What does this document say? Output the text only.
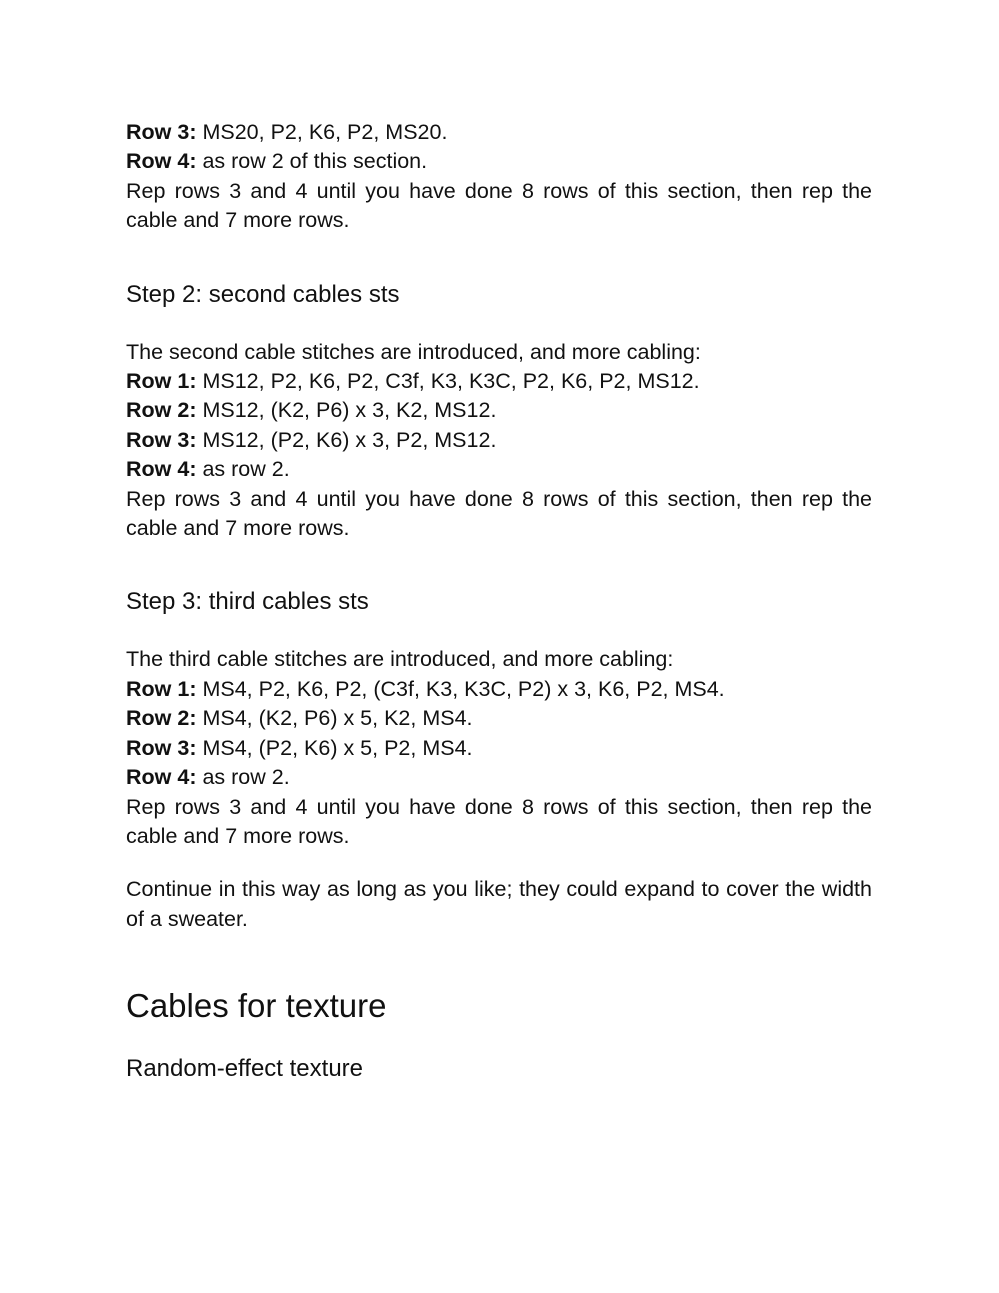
Row 3: MS20, P2, K6, P2, MS20.

Row 4: as row 2 of this section.

Rep rows 3 and 4 until you have done 8 rows of this section, then rep the cable and 7 more rows.

Step 2: second cables sts

The second cable stitches are introduced, and more cabling:

Row 1: MS12, P2, K6, P2, C3f, K3, K3C, P2, K6, P2, MS12.

Row 2: MS12, (K2, P6) x 3, K2, MS12.

Row 3: MS12, (P2, K6) x 3, P2, MS12.

Row 4: as row 2.

Rep rows 3 and 4 until you have done 8 rows of this section, then rep the cable and 7 more rows.

Step 3: third cables sts

The third cable stitches are introduced, and more cabling:

Row 1: MS4, P2, K6, P2, (C3f, K3, K3C, P2) x 3, K6, P2, MS4.

Row 2: MS4, (K2, P6) x 5, K2, MS4.

Row 3: MS4, (P2, K6) x 5, P2, MS4.

Row 4: as row 2.

Rep rows 3 and 4 until you have done 8 rows of this section, then rep the cable and 7 more rows.

Continue in this way as long as you like; they could expand to cover the width of a sweater.

Cables for texture

Random-effect texture
